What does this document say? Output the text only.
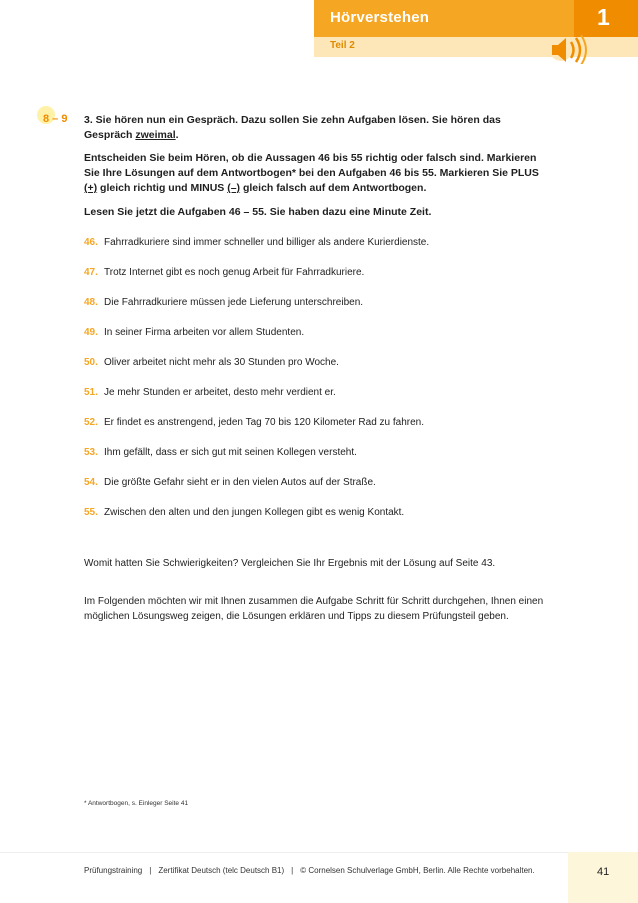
Hörverstehen	1
Teil 2
8 – 9 3. Sie hören nun ein Gespräch. Dazu sollen Sie zehn Aufgaben lösen. Sie hören das Gespräch zweimal.
Entscheiden Sie beim Hören, ob die Aussagen 46 bis 55 richtig oder falsch sind. Markieren Sie Ihre Lösungen auf dem Antwortbogen* bei den Aufgaben 46 bis 55. Markieren Sie PLUS (+) gleich richtig und MINUS (–) gleich falsch auf dem Antwortbogen.
Lesen Sie jetzt die Aufgaben 46 – 55. Sie haben dazu eine Minute Zeit.
46. Fahrradkuriere sind immer schneller und billiger als andere Kurierdienste.
47. Trotz Internet gibt es noch genug Arbeit für Fahrradkuriere.
48. Die Fahrradkuriere müssen jede Lieferung unterschreiben.
49. In seiner Firma arbeiten vor allem Studenten.
50. Oliver arbeitet nicht mehr als 30 Stunden pro Woche.
51. Je mehr Stunden er arbeitet, desto mehr verdient er.
52. Er findet es anstrengend, jeden Tag 70 bis 120 Kilometer Rad zu fahren.
53. Ihm gefällt, dass er sich gut mit seinen Kollegen versteht.
54. Die größte Gefahr sieht er in den vielen Autos auf der Straße.
55. Zwischen den alten und den jungen Kollegen gibt es wenig Kontakt.
Womit hatten Sie Schwierigkeiten? Vergleichen Sie Ihr Ergebnis mit der Lösung auf Seite 43.
Im Folgenden möchten wir mit Ihnen zusammen die Aufgabe Schritt für Schritt durchgehen, Ihnen einen möglichen Lösungsweg zeigen, die Lösungen erklären und Tipps zu diesem Prüfungsteil geben.
* Antwortbogen, s. Einleger Seite 41
Prüfungstraining | Zertifikat Deutsch (telc Deutsch B1) | © Cornelsen Schulverlage GmbH, Berlin. Alle Rechte vorbehalten.	41
